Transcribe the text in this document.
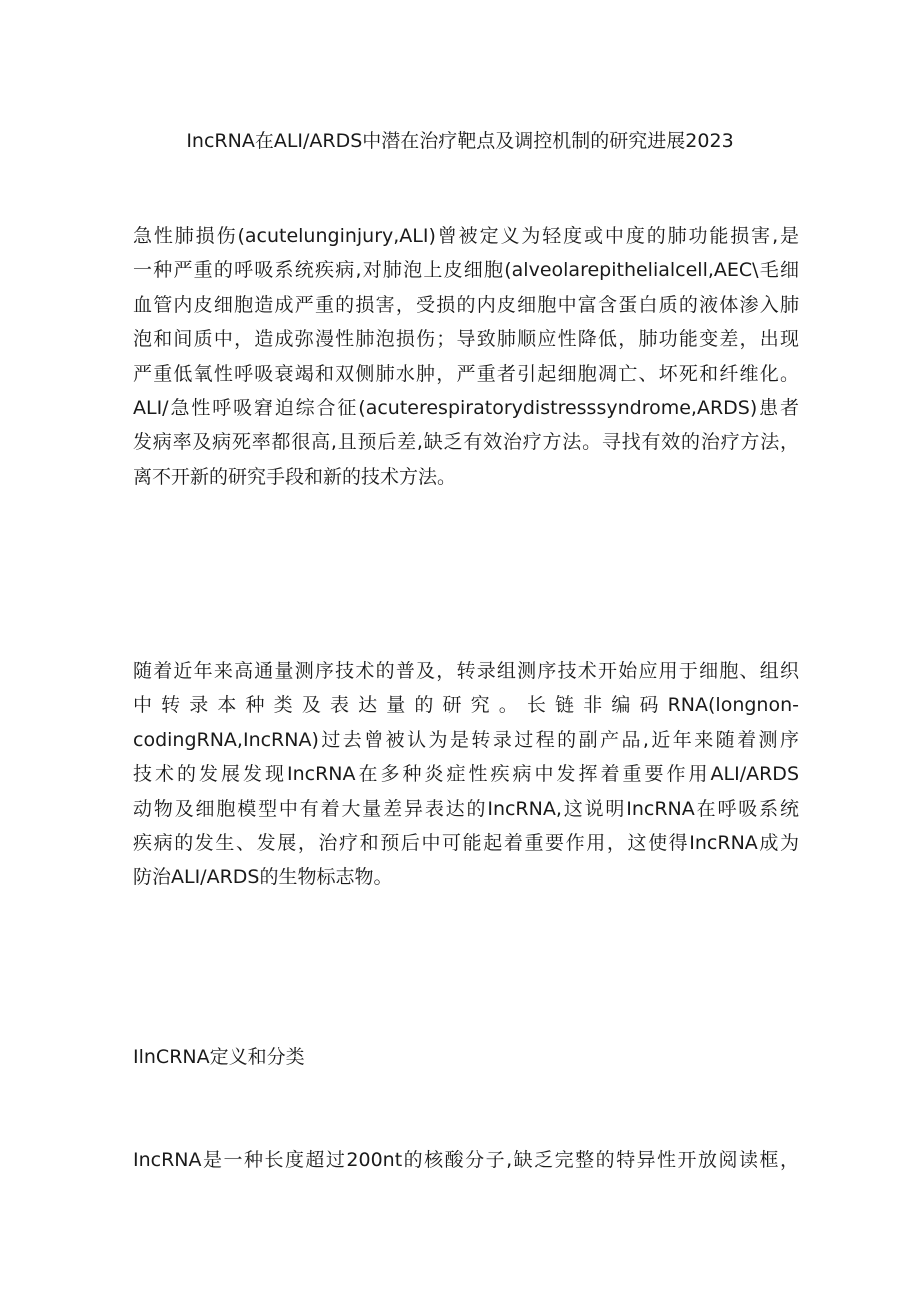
IncRNA在ALI/ARDS中潜在治疗靶点及调控机制的研究进展2023
急性肺损伤(acutelunginjury,ALI)曾被定义为轻度或中度的肺功能损害,是
一种严重的呼吸系统疾病,对肺泡上皮细胞(alveolarepithelialcell,AEC\毛细
血管内皮细胞造成严重的损害，受损的内皮细胞中富含蛋白质的液体渗入肺
泡和间质中，造成弥漫性肺泡损伤；导致肺顺应性降低，肺功能变差，出现
严重低氧性呼吸衰竭和双侧肺水肿，严重者引起细胞凋亡、坏死和纤维化。
ALI/急性呼吸窘迫综合征(acuterespiratorydistresssyndrome,ARDS)患者
发病率及病死率都很高,且预后差,缺乏有效治疗方法。寻找有效的治疗方法，
离不开新的研究手段和新的技术方法。
随着近年来高通量测序技术的普及，转录组测序技术开始应用于细胞、组织
中转录本种类及表达量的研究。长链非编码RNA(longnon-
codingRNA,IncRNA)过去曾被认为是转录过程的副产品,近年来随着测序
技术的发展发现IncRNA在多种炎症性疾病中发挥着重要作用ALI/ARDS
动物及细胞模型中有着大量差异表达的IncRNA,这说明IncRNA在呼吸系统
疾病的发生、发展，治疗和预后中可能起着重要作用，这使得IncRNA成为
防治ALI/ARDS的生物标志物。
IlnCRNA定义和分类
IncRNA是一种长度超过200nt的核酸分子,缺乏完整的特异性开放阅读框，
